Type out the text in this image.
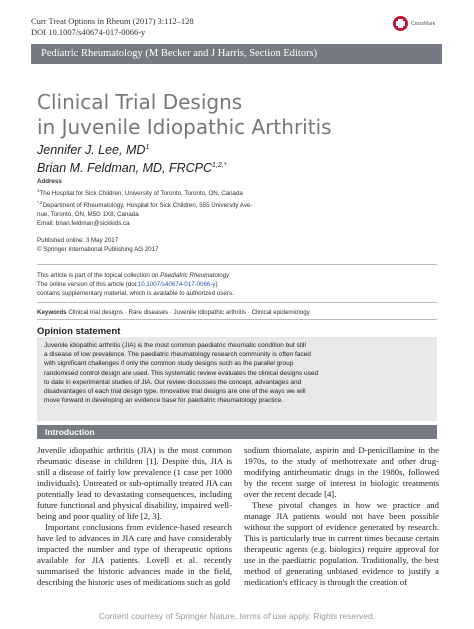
Curr Treat Options in Rheum (2017) 3:112–128
DOI 10.1007/s40674-017-0066-y
CrossMark
Pediatric Rheumatology (M Becker and J Harris, Section Editors)
Clinical Trial Designs
in Juvenile Idiopathic Arthritis
Jennifer J. Lee, $MD^1$
Brian M. Feldman, MD, $FRCPC^{1,2,*}$
Address
$^1$The Hospital for Sick Children, University of Toronto, Toronto, ON, Canada
$^{*,2}$Department of Rheumatology, Hospital for Sick Children, 555 University Ave-
nue, Toronto, ON, M5G 1X8, Canada
Email: brian.feldman@sickkids.ca
Published online: 3 May 2017
© Springer International Publishing AG 2017
This article is part of the topical collection on Paediatric Rheumatology
The online version of this article (doi:10.1007/s40674-017-0066-y)
contains supplementary material, which is available to authorized users.
Keywords Clinical trial designs · Rare diseases · Juvenile idiopathic arthritis · Clinical epidemiology
Opinion statement
Juvenile idiopathic arthritis (JIA) is the most common paediatric rheumatic condition but still
a disease of low prevalence. The paediatric rheumatology research community is often faced
with significant challenges if only the common study designs such as the parallel group
randomised control design are used. This systematic review evaluates the clinical designs used
to date in experimental studies of JIA. Our review discusses the concept, advantages and
disadvantages of each trial design type. Innovative trial designs are one of the ways we will
move forward in developing an evidence base for paediatric rheumatology practice.
Introduction

Juvenile idiopathic arthritis (JIA) is the most common rheumatic disease in children [1]. Despite this, JIA is still a disease of fairly low prevalence (1 case per 1000 individuals). Untreated or sub-optimally treated JIA can potentially lead to devastating consequences, including future functional and physical disability, impaired well-being and poor quality of life [2, 3].

Important conclusions from evidence-based research have led to advances in JIA care and have considerably impacted the number and type of therapeutic options available for JIA patients. Lovell et al. recently summarised the historic advances made in the field, describing the historic uses of medications such as gold

sodium thiomalate, aspirin and D-penicillamine in the 1970s, to the study of methotrexate and other drug-modifying antirheumatic drugs in the 1980s, followed by the recent surge of interest in biologic treatments over the recent decade [4].

These pivotal changes in how we practice and manage JIA patients would not have been possible without the support of evidence generated by research. This is particularly true in current times because certain therapeutic agents (e.g. biologics) require approval for use in the paediatric population. Traditionally, the best method of generating unbiased evidence to justify a medication's efficacy is through the creation of

Content courtesy of Springer Nature, terms of use apply. Rights reserved.
